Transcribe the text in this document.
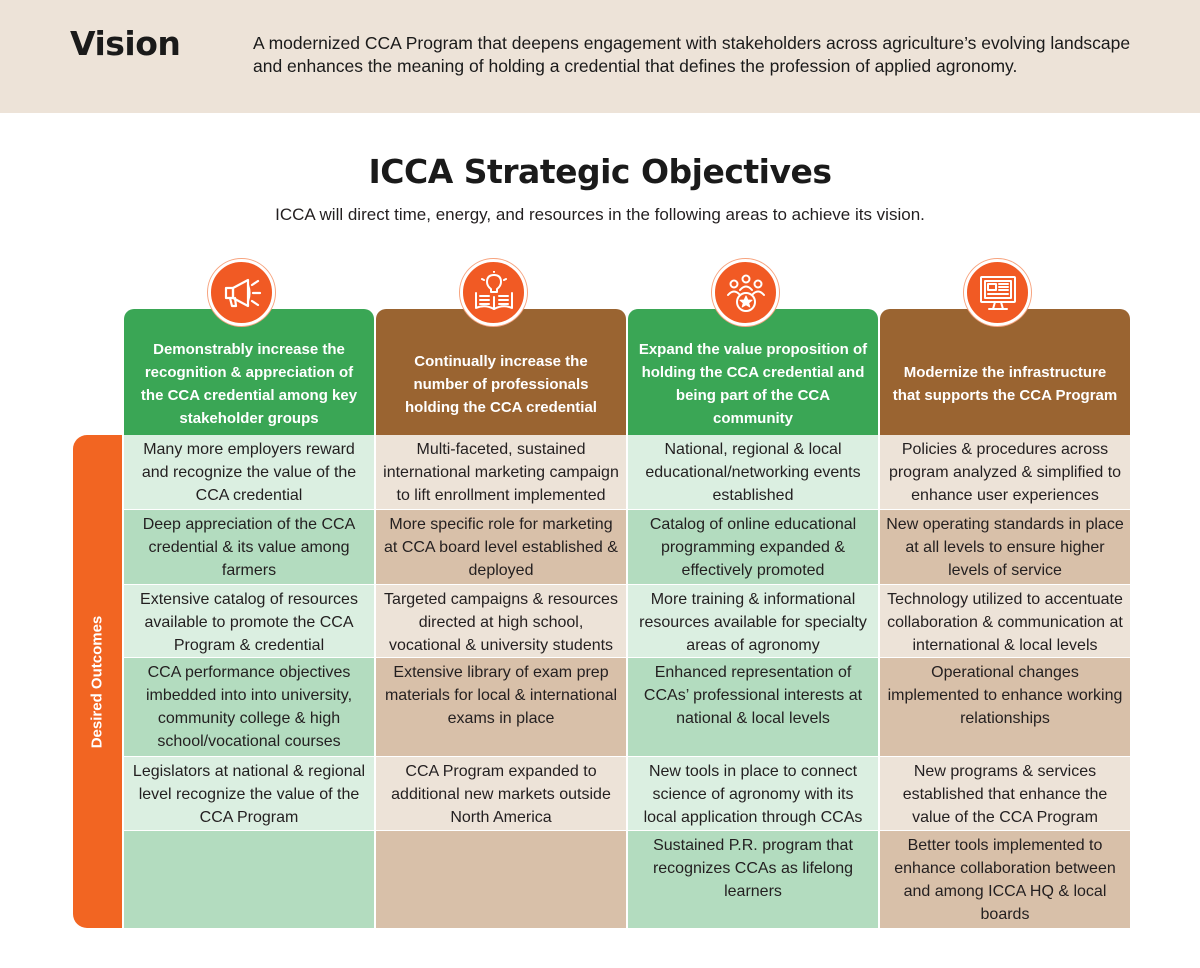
Vision	A modernized CCA Program that deepens engagement with stakeholders across agriculture’s evolving landscape and enhances the meaning of holding a credential that defines the profession of applied agronomy.
ICCA Strategic Objectives
ICCA will direct time, energy, and resources in the following areas to achieve its vision.
Demonstrably increase the recognition & appreciation of the CCA credential among key stakeholder groups
Continually increase the number of professionals holding the CCA credential
Expand the value proposition of holding the CCA credential and being part of the CCA community
Modernize the infrastructure that supports the CCA Program
Desired Outcomes
Many more employers reward and recognize the value of the CCA credential
Deep appreciation of the CCA credential & its value among farmers
Extensive catalog of resources available to promote the CCA Program & credential
CCA performance objectives imbedded into into university, community college & high school/vocational courses
Legislators at national & regional level recognize the value of the CCA Program
Multi-faceted, sustained international marketing campaign to lift enrollment implemented
More specific role for marketing at CCA board level established & deployed
Targeted campaigns & resources directed at high school, vocational & university students
Extensive library of exam prep materials for local & international exams in place
CCA Program expanded to additional new markets outside North America
National, regional & local educational/networking events established
Catalog of online educational programming expanded & effectively promoted
More training & informational resources available for specialty areas of agronomy
Enhanced representation of CCAs’ professional interests at national & local levels
New tools in place to connect science of agronomy with its local application through CCAs
Sustained P.R. program that recognizes CCAs as lifelong learners
Policies & procedures across program analyzed & simplified to enhance user experiences
New operating standards in place at all levels to ensure higher levels of service
Technology utilized to accentuate collaboration & communication at international & local levels
Operational changes implemented to enhance working relationships
New programs & services established that enhance the value of the CCA Program
Better tools implemented to enhance collaboration between and among ICCA HQ & local boards
